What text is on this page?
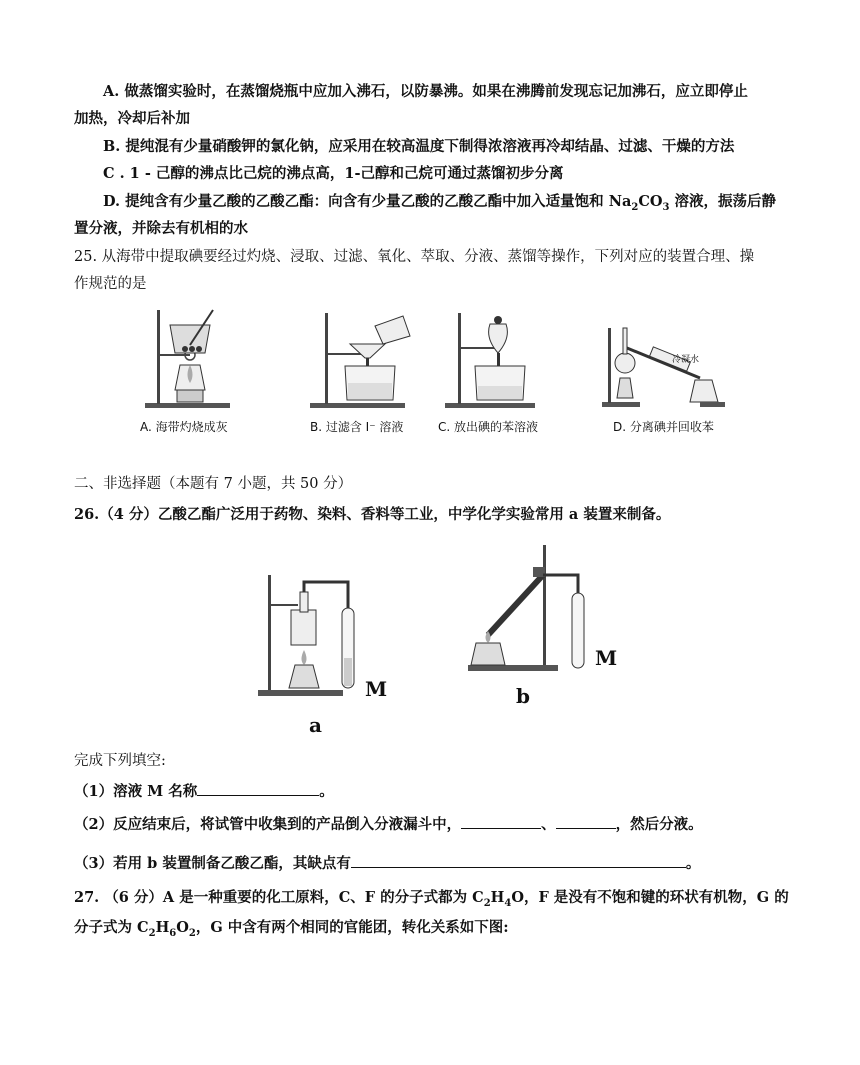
A. 做蒸馏实验时，在蒸馏烧瓶中应加入沸石，以防暴沸。如果在沸腾前发现忘记加沸石，应立即停止
加热，冷却后补加
B. 提纯混有少量硝酸钾的氯化钠，应采用在较高温度下制得浓溶液再冷却结晶、过滤、干燥的方法
C . 1 - 己醇的沸点比己烷的沸点高，1-己醇和己烷可通过蒸馏初步分离
D. 提纯含有少量乙酸的乙酸乙酯：向含有少量乙酸的乙酸乙酯中加入适量饱和 $Na_2CO_3$ 溶液，振荡后静
置分液，并除去有机相的水
25. 从海带中提取碘要经过灼烧、浸取、过滤、氧化、萃取、分液、蒸馏等操作，下列对应的装置合理、操
作规范的是
A. 海带灼烧成灰	B. 过滤含 I⁻ 溶液	C. 放出碘的苯溶液
冷凝水
D. 分离碘并回收苯
二、非选择题（本题有 7 小题，共 50 分）
26.（4 分）乙酸乙酯广泛用于药物、染料、香料等工业，中学化学实验常用 a 装置来制备。
M
a
M
b
完成下列填空:
（1）溶液 M 名称	。
（2）反应结束后，将试管中收集到的产品倒入分液漏斗中，	、	，然后分液。
（3）若用 b 装置制备乙酸乙酯，其缺点有	。
27. （6 分）A 是一种重要的化工原料，C、F 的分子式都为 $C_2H_4O$，F 是没有不饱和键的环状有机物，G 的
分子式为 $C_2H_6O_2$，G 中含有两个相同的官能团，转化关系如下图:
